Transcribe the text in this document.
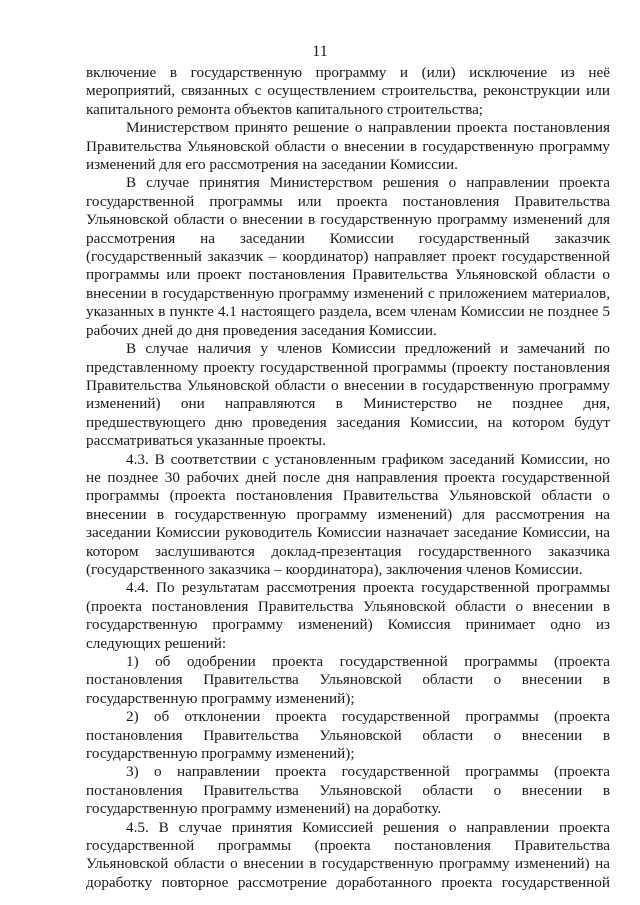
11

включение в государственную программу и (или) исключение из неё мероприятий, связанных с осуществлением строительства, реконструкции или капитального ремонта объектов капитального строительства;

Министерством принято решение о направлении проекта постановления Правительства Ульяновской области о внесении в государственную программу изменений для его рассмотрения на заседании Комиссии.

В случае принятия Министерством решения о направлении проекта государственной программы или проекта постановления Правительства Ульяновской области о внесении в государственную программу изменений для рассмотрения на заседании Комиссии государственный заказчик (государственный заказчик – координатор) направляет проект государственной программы или проект постановления Правительства Ульяновской области о внесении в государственную программу изменений с приложением материалов, указанных в пункте 4.1 настоящего раздела, всем членам Комиссии не позднее 5 рабочих дней до дня проведения заседания Комиссии.

В случае наличия у членов Комиссии предложений и замечаний по представленному проекту государственной программы (проекту постановления Правительства Ульяновской области о внесении в государственную программу изменений) они направляются в Министерство не позднее дня, предшествующего дню проведения заседания Комиссии, на котором будут рассматриваться указанные проекты.

4.3. В соответствии с установленным графиком заседаний Комиссии, но не позднее 30 рабочих дней после дня направления проекта государственной программы (проекта постановления Правительства Ульяновской области о внесении в государственную программу изменений) для рассмотрения на заседании Комиссии руководитель Комиссии назначает заседание Комиссии, на котором заслушиваются доклад-презентация государственного заказчика (государственного заказчика – координатора), заключения членов Комиссии.

4.4. По результатам рассмотрения проекта государственной программы (проекта постановления Правительства Ульяновской области о внесении в государственную программу изменений) Комиссия принимает одно из следующих решений:

1) об одобрении проекта государственной программы (проекта постановления Правительства Ульяновской области о внесении в государственную программу изменений);

2) об отклонении проекта государственной программы (проекта постановления Правительства Ульяновской области о внесении в государственную программу изменений);

3) о направлении проекта государственной программы (проекта постановления Правительства Ульяновской области о внесении в государственную программу изменений) на доработку.

4.5. В случае принятия Комиссией решения о направлении проекта государственной программы (проекта постановления Правительства Ульяновской области о внесении в государственную программу изменений) на доработку повторное рассмотрение доработанного проекта государственной
